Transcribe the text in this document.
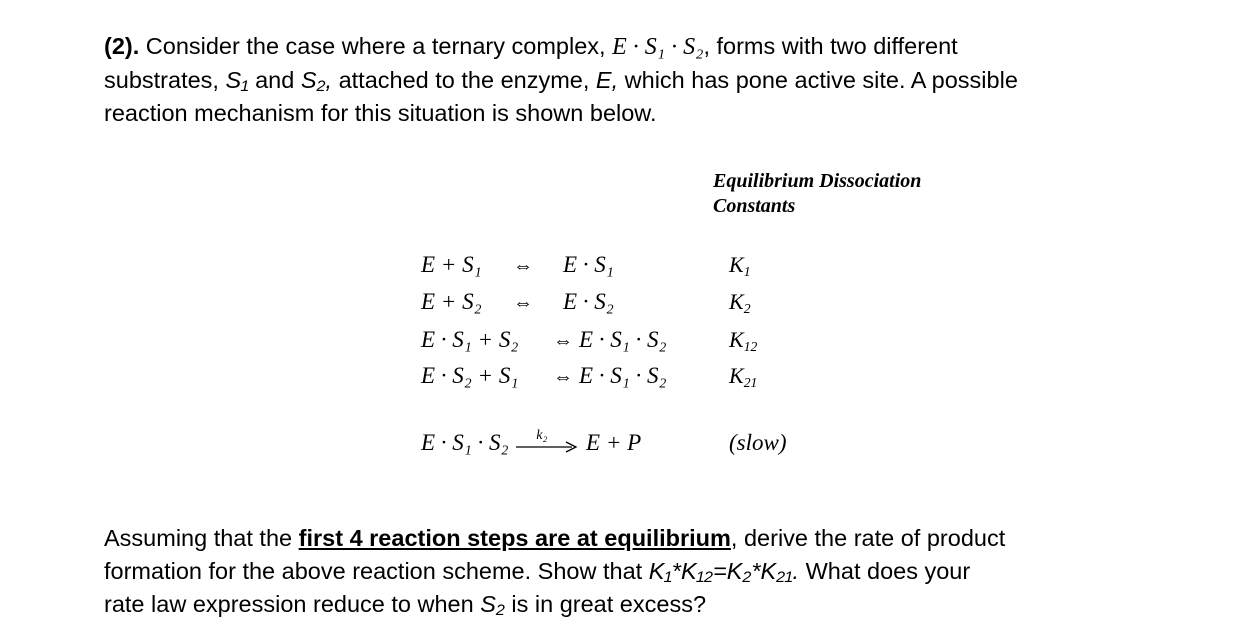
(2). Consider the case where a ternary complex, E · S₁ · S₂, forms with two different
substrates, S₁ and S₂, attached to the enzyme, E, which has pone active site. A possible
reaction mechanism for this situation is shown below.
Equilibrium Dissociation
Constants
E + S₁ ⇔ E · S₁
E + S₂ ⇔ E · S₂
E · S₁ + S₂ ⇔ E · S₁ · S₂
E · S₂ + S₁ ⇔ E · S₁ · S₂
$K_1$
$K_2$
$K_{12}$
$K_{21}$
E · S₁ · S₂ k₂ E + P	(slow)
Assuming that the first 4 reaction steps are at equilibrium, derive the rate of product
formation for the above reaction scheme. Show that K₁*K₁₂=K₂*K₂₁. What does your
rate law expression reduce to when S₂ is in great excess?
